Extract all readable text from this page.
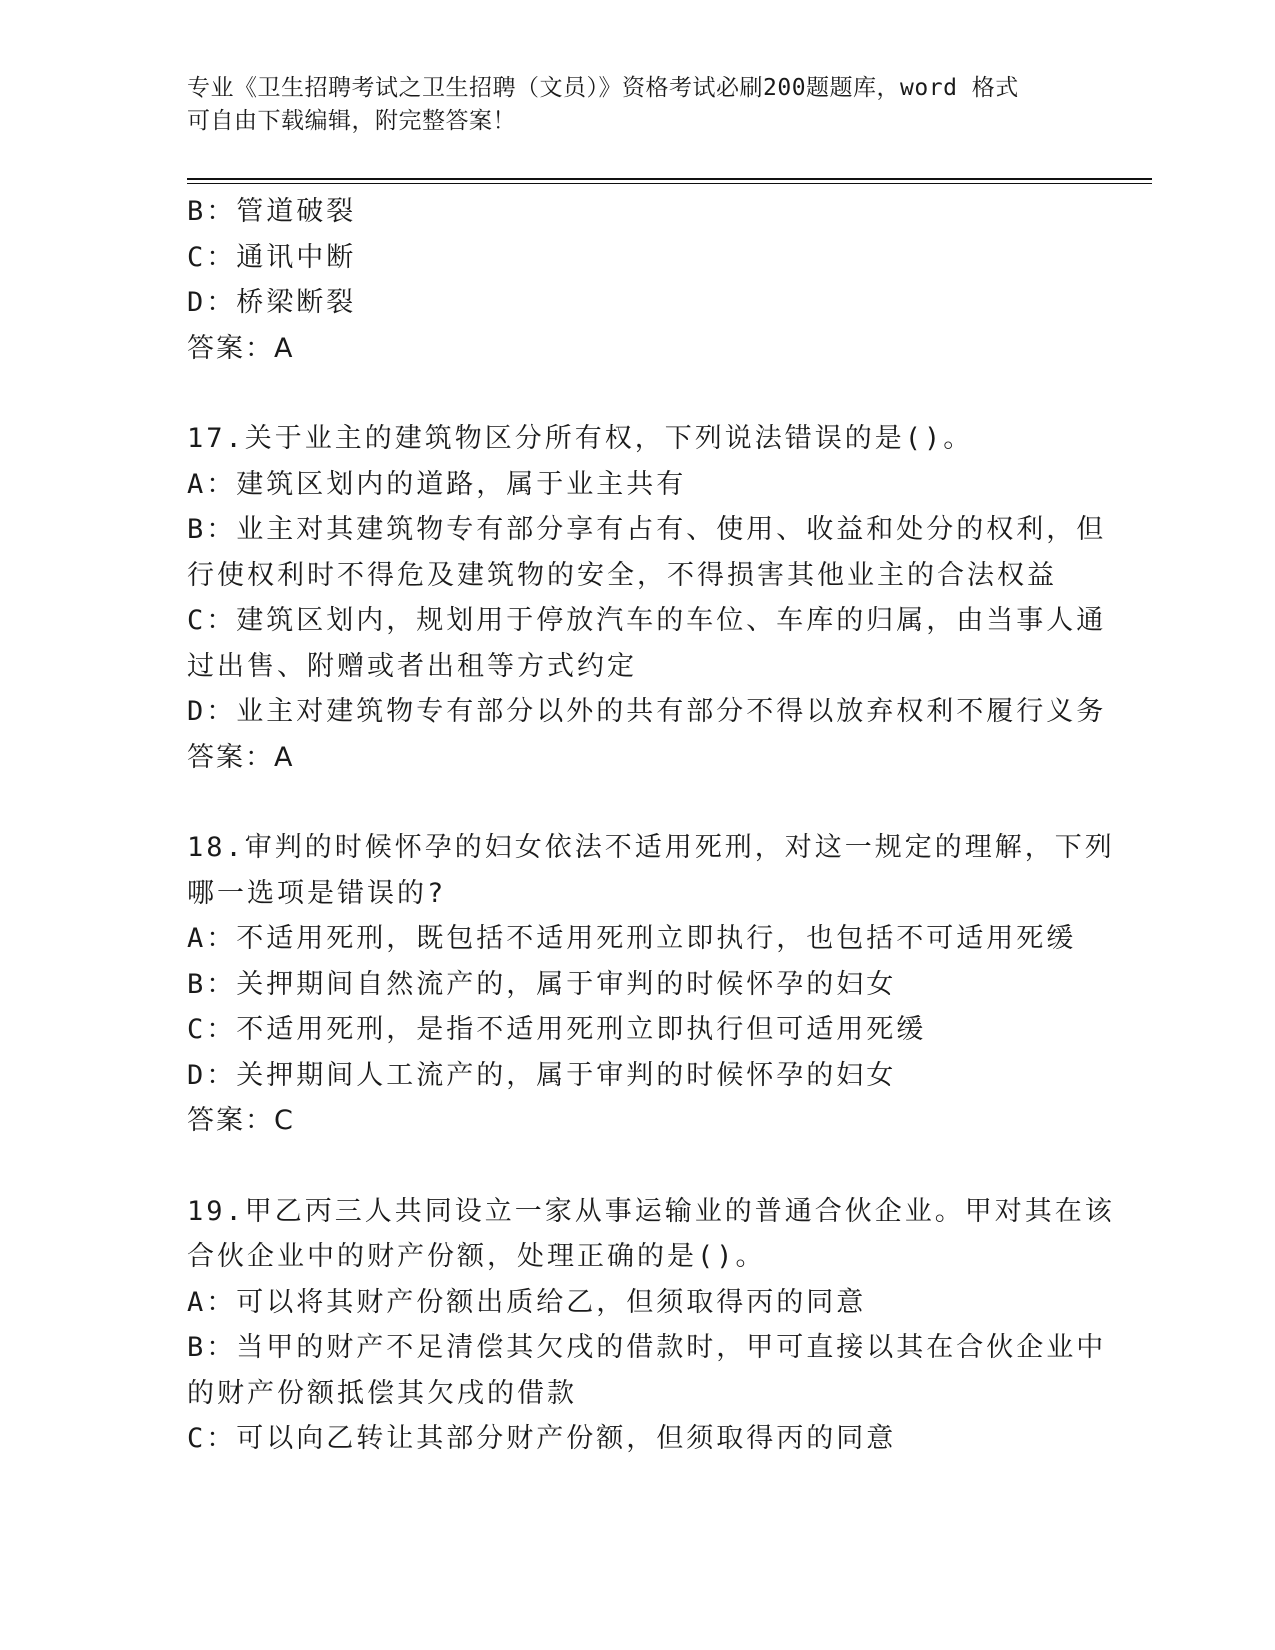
专业《卫生招聘考试之卫生招聘（文员）》资格考试必刷200题题库，word 格式
可自由下载编辑，附完整答案！
B：管道破裂
C：通讯中断
D：桥梁断裂
答案：A
17.关于业主的建筑物区分所有权，下列说法错误的是()。
A：建筑区划内的道路，属于业主共有
B：业主对其建筑物专有部分享有占有、使用、收益和处分的权利，但
行使权利时不得危及建筑物的安全，不得损害其他业主的合法权益
C：建筑区划内，规划用于停放汽车的车位、车库的归属，由当事人通
过出售、附赠或者出租等方式约定
D：业主对建筑物专有部分以外的共有部分不得以放弃权利不履行义务
答案：A
18.审判的时候怀孕的妇女依法不适用死刑，对这一规定的理解，下列
哪一选项是错误的?
A：不适用死刑，既包括不适用死刑立即执行，也包括不可适用死缓
B：关押期间自然流产的，属于审判的时候怀孕的妇女
C：不适用死刑，是指不适用死刑立即执行但可适用死缓
D：关押期间人工流产的，属于审判的时候怀孕的妇女
答案：C
19.甲乙丙三人共同设立一家从事运输业的普通合伙企业。甲对其在该
合伙企业中的财产份额，处理正确的是()。
A：可以将其财产份额出质给乙，但须取得丙的同意
B：当甲的财产不足清偿其欠戌的借款时，甲可直接以其在合伙企业中
的财产份额抵偿其欠戌的借款
C：可以向乙转让其部分财产份额，但须取得丙的同意
